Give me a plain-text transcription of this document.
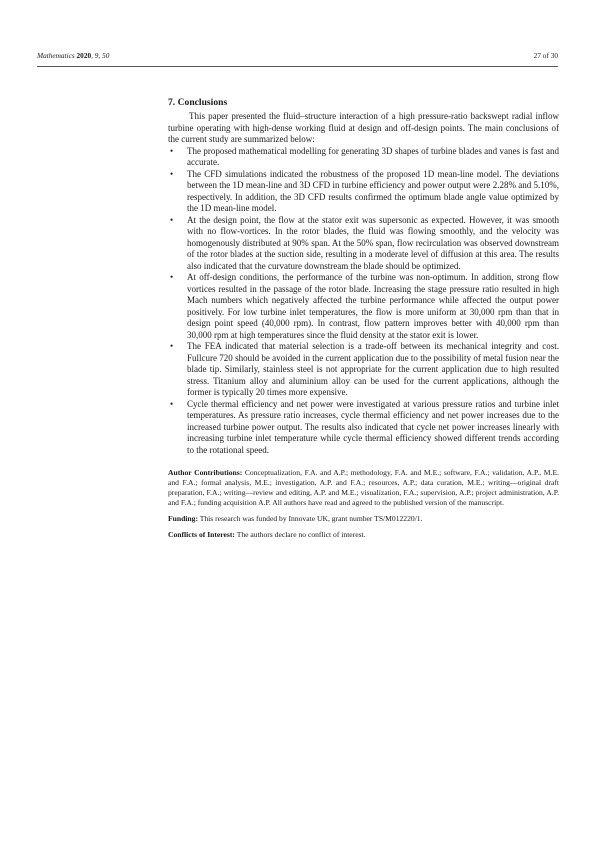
Mathematics 2020, 9, 50	27 of 30
7. Conclusions

This paper presented the fluid–structure interaction of a high pressure-ratio backswept radial inflow turbine operating with high-dense working fluid at design and off-design points. The main conclusions of the current study are summarized below:

• The proposed mathematical modelling for generating 3D shapes of turbine blades and vanes is fast and accurate.
• The CFD simulations indicated the robustness of the proposed 1D mean-line model. The deviations between the 1D mean-line and 3D CFD in turbine efficiency and power output were 2.28% and 5.10%, respectively. In addition, the 3D CFD results confirmed the optimum blade angle value optimized by the 1D mean-line model.
• At the design point, the flow at the stator exit was supersonic as expected. However, it was smooth with no flow-vortices. In the rotor blades, the fluid was flowing smoothly, and the velocity was homogenously distributed at 90% span. At the 50% span, flow recirculation was observed downstream of the rotor blades at the suction side, resulting in a moderate level of diffusion at this area. The results also indicated that the curvature downstream the blade should be optimized.
• At off-design conditions, the performance of the turbine was non-optimum. In addition, strong flow vortices resulted in the passage of the rotor blade. Increasing the stage pressure ratio resulted in high Mach numbers which negatively affected the turbine performance while affected the output power positively. For low turbine inlet temperatures, the flow is more uniform at 30,000 rpm than that in design point speed (40,000 rpm). In contrast, flow pattern improves better with 40,000 rpm than 30,000 rpm at high temperatures since the fluid density at the stator exit is lower.
• The FEA indicated that material selection is a trade-off between its mechanical integrity and cost. Fullcure 720 should be avoided in the current application due to the possibility of metal fusion near the blade tip. Similarly, stainless steel is not appropriate for the current application due to high resulted stress. Titanium alloy and aluminium alloy can be used for the current applications, although the former is typically 20 times more expensive.
• Cycle thermal efficiency and net power were investigated at various pressure ratios and turbine inlet temperatures. As pressure ratio increases, cycle thermal efficiency and net power increases due to the increased turbine power output. The results also indicated that cycle net power increases linearly with increasing turbine inlet temperature while cycle thermal efficiency showed different trends according to the rotational speed.

Author Contributions: Conceptualization, F.A. and A.P.; methodology, F.A. and M.E.; software, F.A.; validation, A.P., M.E. and F.A.; formal analysis, M.E.; investigation, A.P. and F.A.; resources, A.P.; data curation, M.E.; writing—original draft preparation, F.A.; writing—review and editing, A.P. and M.E.; visualization, F.A.; supervision, A.P.; project administration, A.P. and F.A.; funding acquisition A.P. All authors have read and agreed to the published version of the manuscript.

Funding: This research was funded by Innovate UK, grant number TS/M012220/1.

Conflicts of Interest: The authors declare no conflict of interest.
